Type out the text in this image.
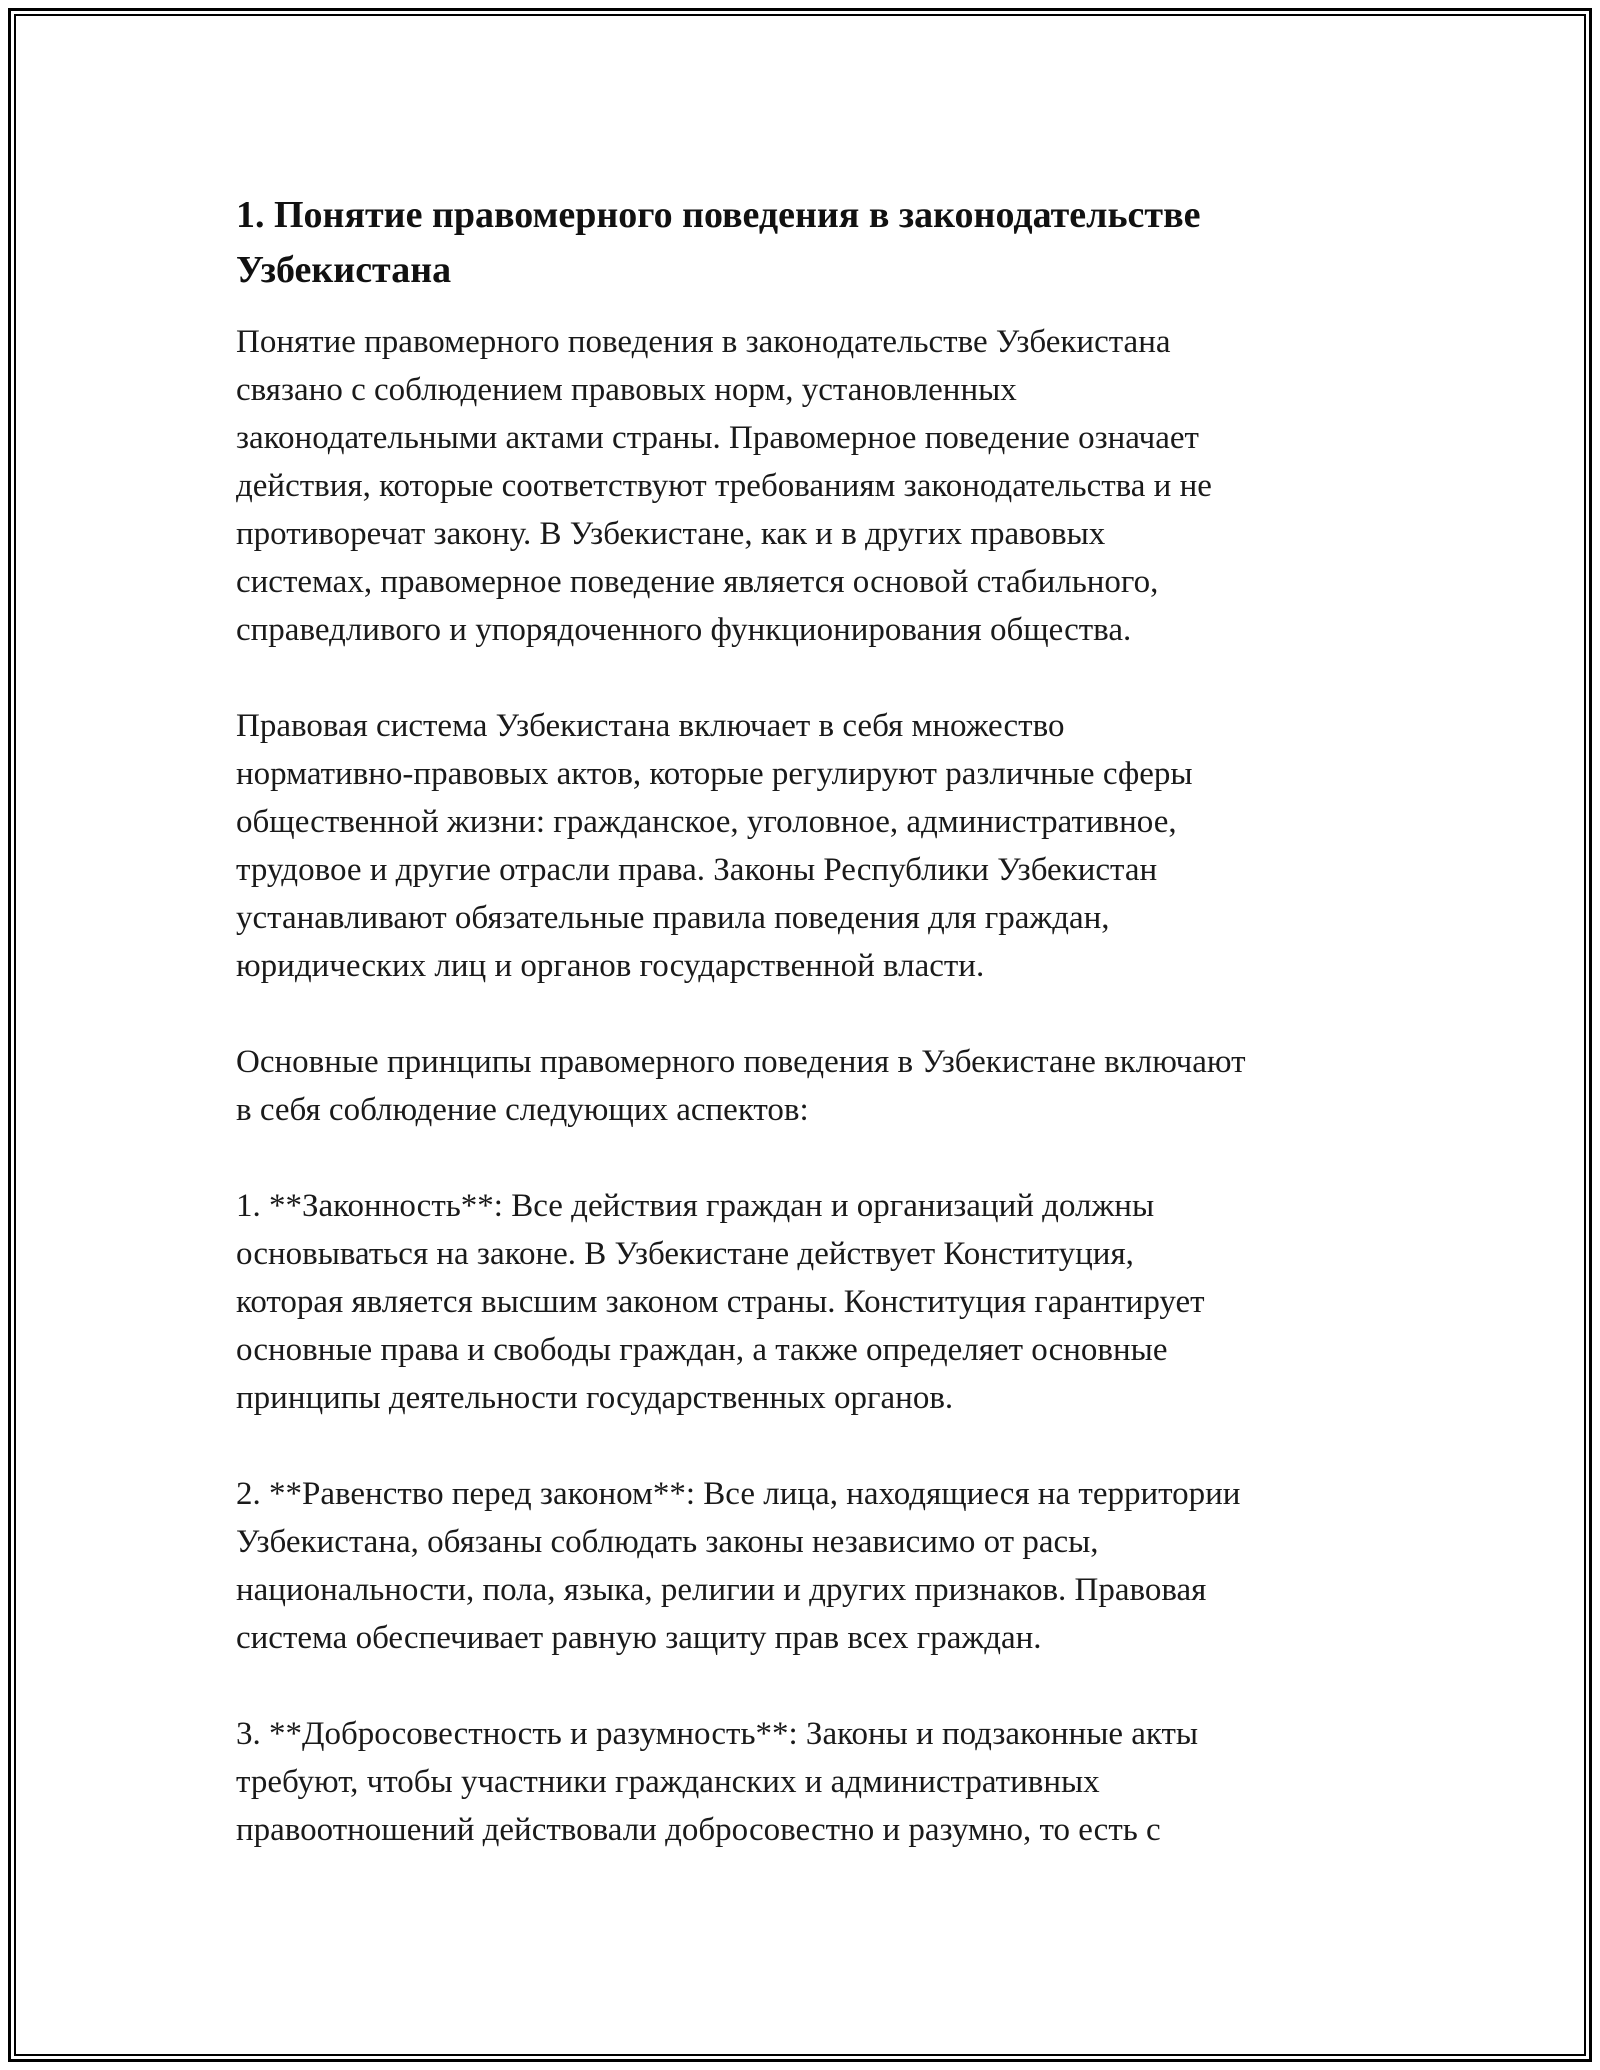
1. Понятие правомерного поведения в законодательстве
Узбекистана

Понятие правомерного поведения в законодательстве Узбекистана
связано с соблюдением правовых норм, установленных
законодательными актами страны. Правомерное поведение означает
действия, которые соответствуют требованиям законодательства и не
противоречат закону. В Узбекистане, как и в других правовых
системах, правомерное поведение является основой стабильного,
справедливого и упорядоченного функционирования общества.

Правовая система Узбекистана включает в себя множество
нормативно-правовых актов, которые регулируют различные сферы
общественной жизни: гражданское, уголовное, административное,
трудовое и другие отрасли права. Законы Республики Узбекистан
устанавливают обязательные правила поведения для граждан,
юридических лиц и органов государственной власти.

Основные принципы правомерного поведения в Узбекистане включают
в себя соблюдение следующих аспектов:

1. **Законность**: Все действия граждан и организаций должны
основываться на законе. В Узбекистане действует Конституция,
которая является высшим законом страны. Конституция гарантирует
основные права и свободы граждан, а также определяет основные
принципы деятельности государственных органов.

2. **Равенство перед законом**: Все лица, находящиеся на территории
Узбекистана, обязаны соблюдать законы независимо от расы,
национальности, пола, языка, религии и других признаков. Правовая
система обеспечивает равную защиту прав всех граждан.

3. **Добросовестность и разумность**: Законы и подзаконные акты
требуют, чтобы участники гражданских и административных
правоотношений действовали добросовестно и разумно, то есть с
